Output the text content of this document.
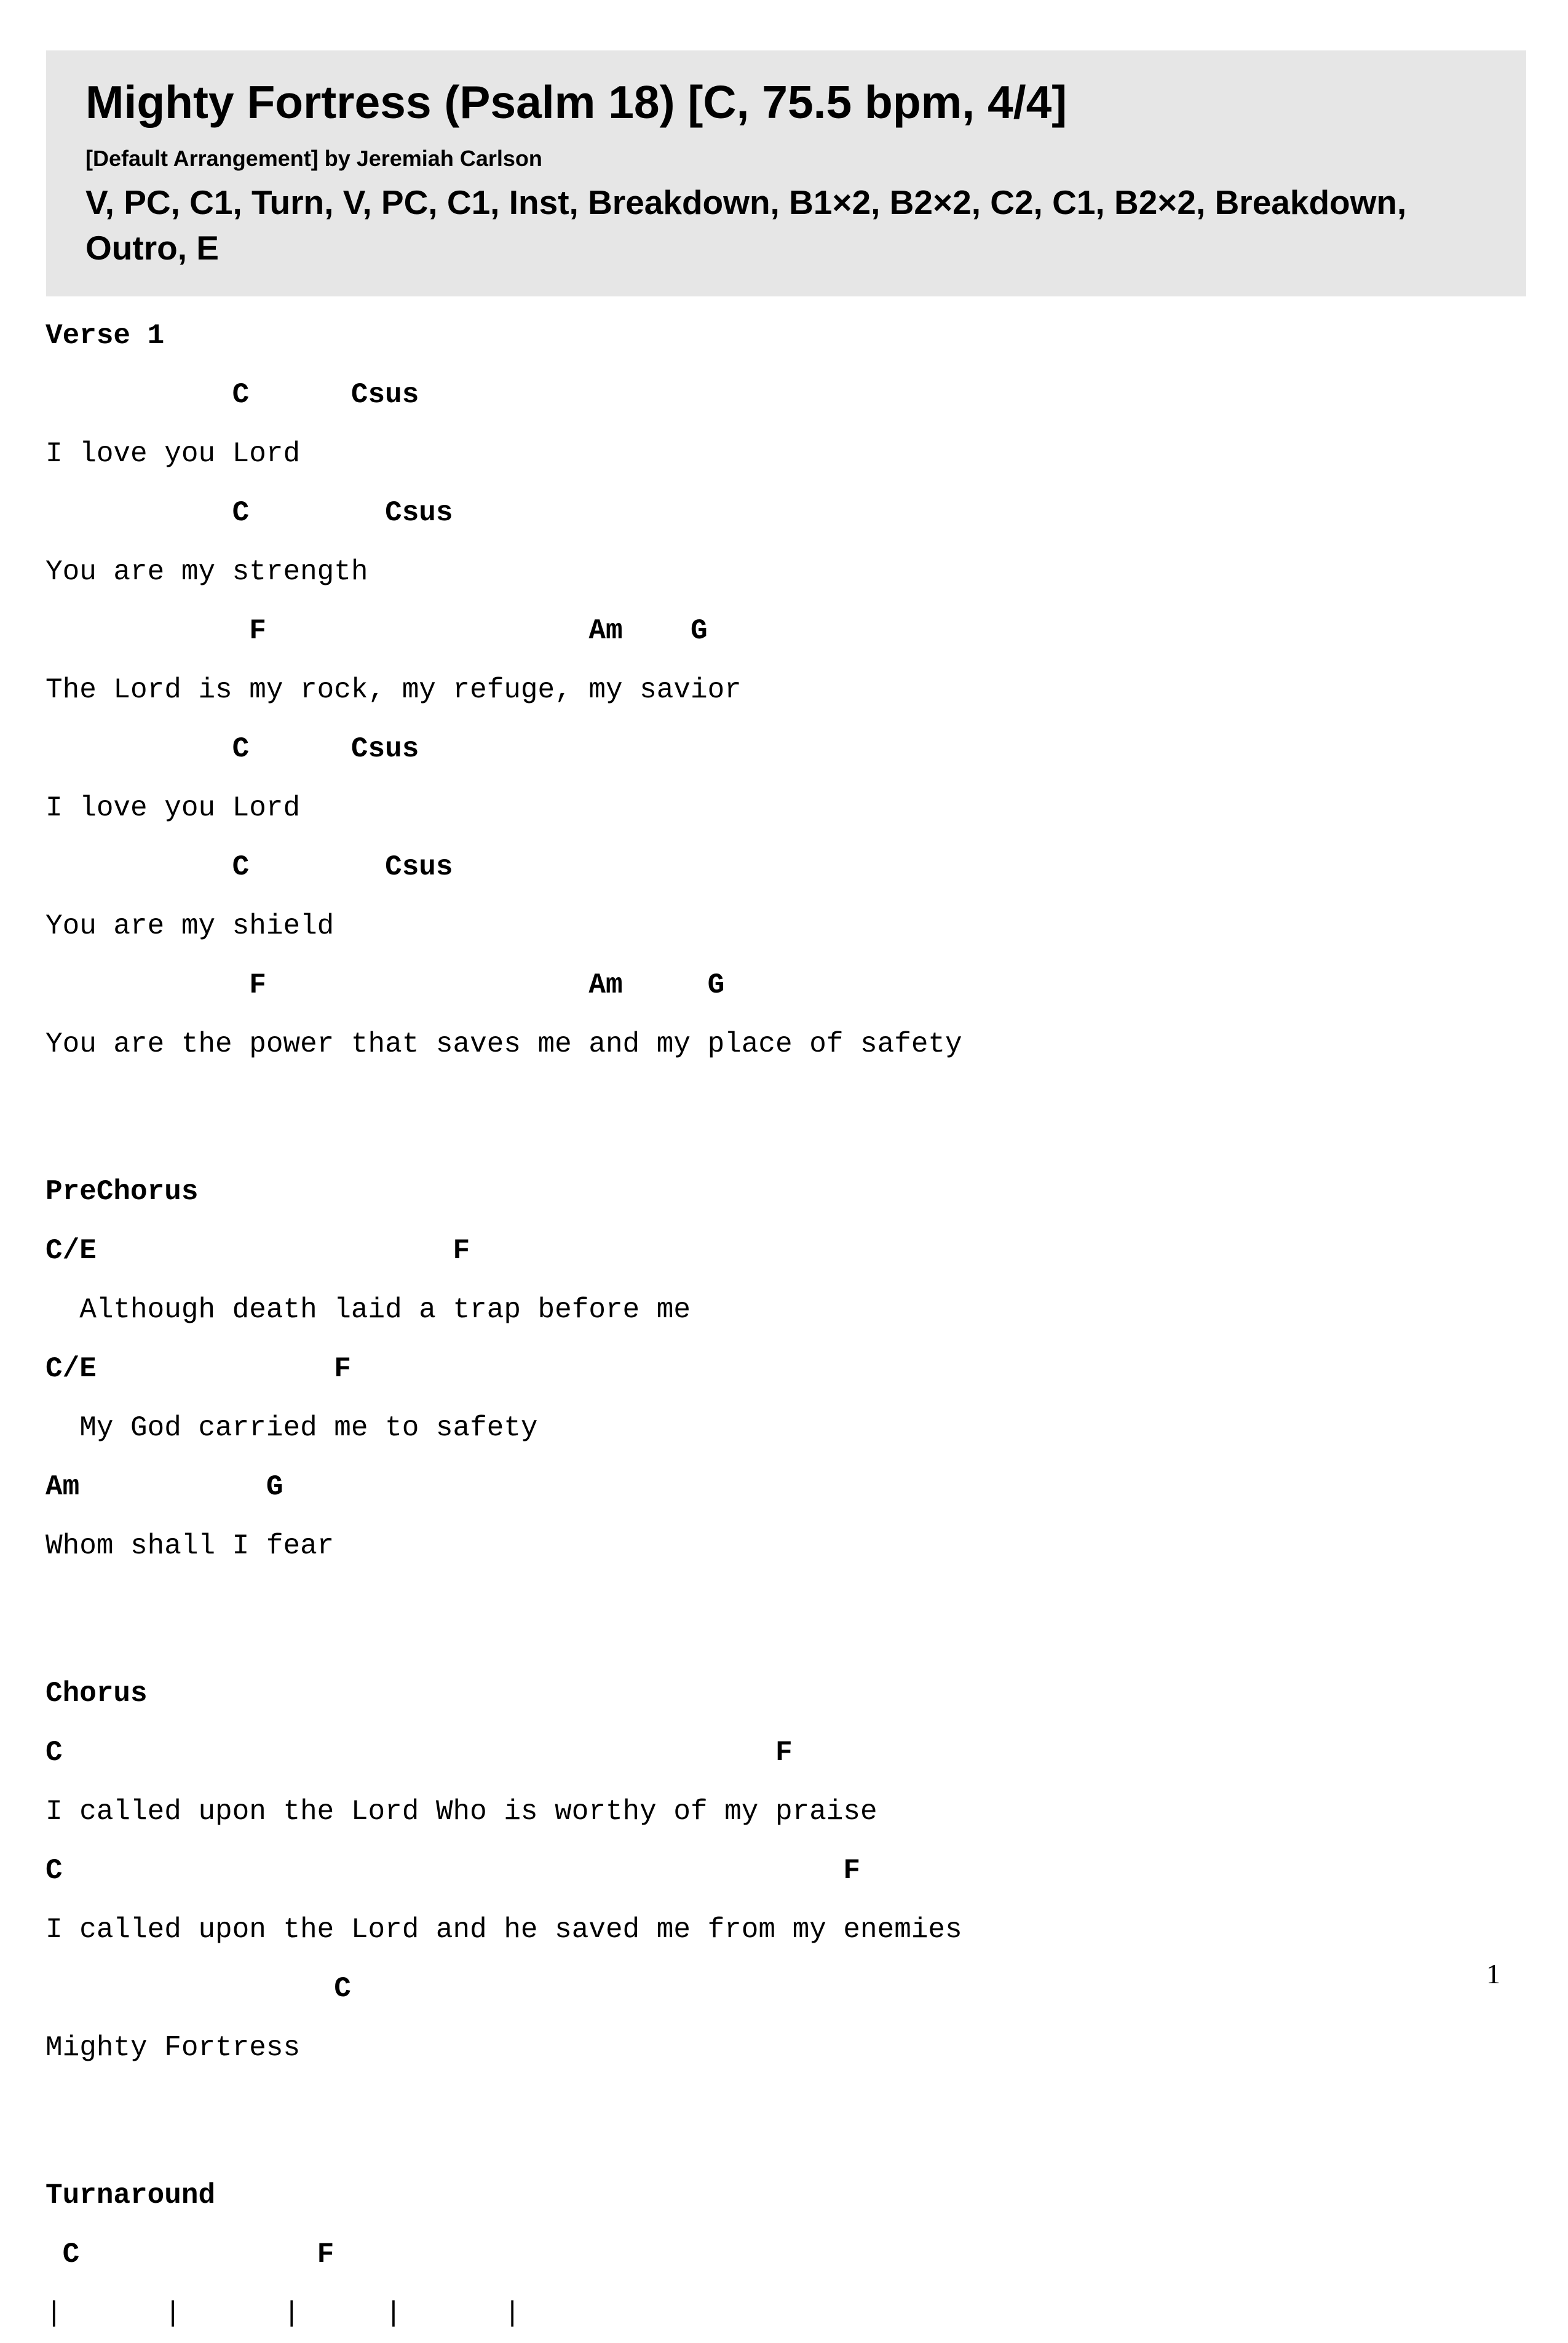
Mighty Fortress (Psalm 18) [C, 75.5 bpm, 4/4]
[Default Arrangement] by Jeremiah Carlson
V, PC, C1, Turn, V, PC, C1, Inst, Breakdown, B1×2, B2×2, C2, C1, B2×2, Breakdown, Outro, E
Verse 1
C      Csus
I love you Lord
C        Csus
You are my strength
F                   Am    G
The Lord is my rock, my refuge, my savior
C      Csus
I love you Lord
C        Csus
You are my shield
F                   Am     G
You are the power that saves me and my place of safety
PreChorus
C/E                     F
Although death laid a trap before me
C/E              F
My God carried me to safety
Am           G
Whom shall I fear
Chorus
C                                          F
I called upon the Lord Who is worthy of my praise
C                                              F
I called upon the Lord and he saved me from my enemies
C
Mighty Fortress
Turnaround
C              F
|      |      |     |      |
1
